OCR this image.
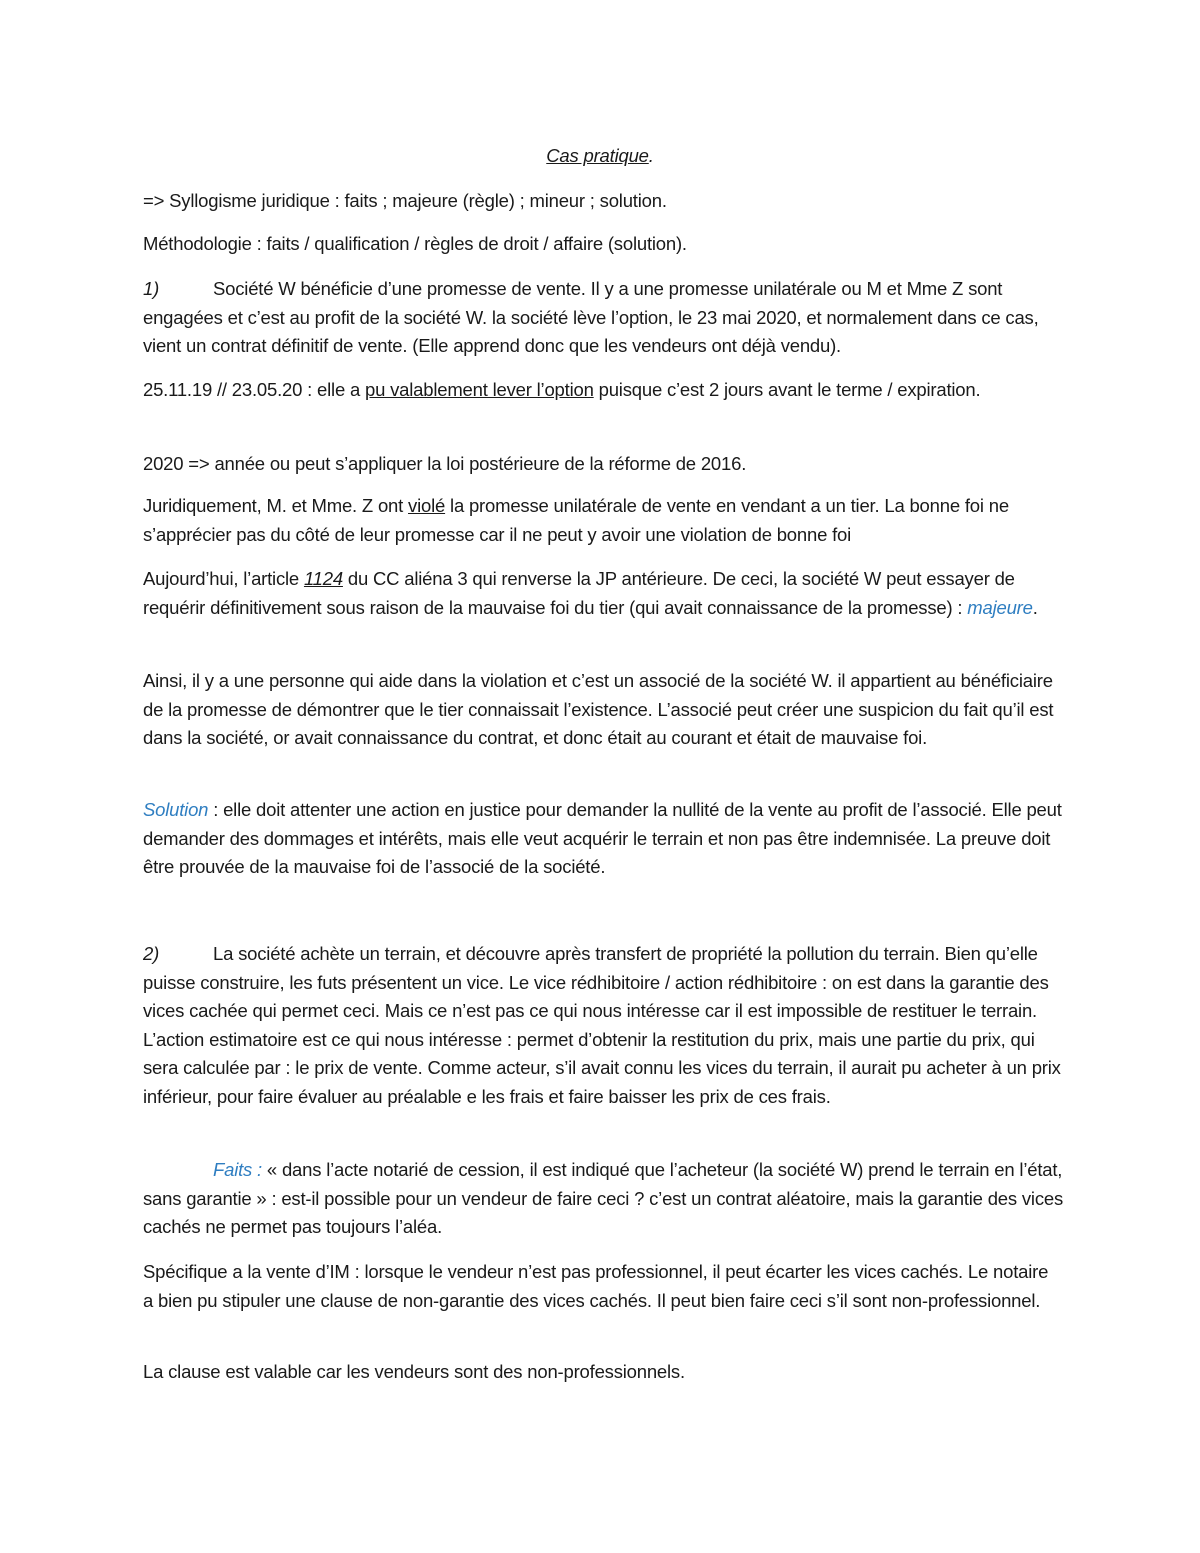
Cas pratique.

=> Syllogisme juridique : faits ; majeure (règle) ; mineur ; solution.

Méthodologie : faits / qualification / règles de droit / affaire (solution).

1)	Société W bénéficie d’une promesse de vente. Il y a une promesse unilatérale ou M et Mme Z sont engagées et c’est au profit de la société W. la société lève l’option, le 23 mai 2020, et normalement dans ce cas, vient un contrat définitif de vente. (Elle apprend donc que les vendeurs ont déjà vendu).

25.11.19 // 23.05.20 : elle a pu valablement lever l’option puisque c’est 2 jours avant le terme / expiration.

2020 => année ou peut s’appliquer la loi postérieure de la réforme de 2016.

Juridiquement, M. et Mme. Z ont violé la promesse unilatérale de vente en vendant a un tier. La bonne foi ne s’apprécier pas du côté de leur promesse car il ne peut y avoir une violation de bonne foi

Aujourd’hui, l’article 1124 du CC aliéna 3 qui renverse la JP antérieure. De ceci, la société W peut essayer de requérir définitivement sous raison de la mauvaise foi du tier (qui avait connaissance de la promesse) : majeure.

Ainsi, il y a une personne qui aide dans la violation et c’est un associé de la société W. il appartient au bénéficiaire de la promesse de démontrer que le tier connaissait l’existence. L’associé peut créer une suspicion du fait qu’il est dans la société, or avait connaissance du contrat, et donc était au courant et était de mauvaise foi.

Solution : elle doit attenter une action en justice pour demander la nullité de la vente au profit de l’associé. Elle peut demander des dommages et intérêts, mais elle veut acquérir le terrain et non pas être indemnisée. La preuve doit être prouvée de la mauvaise foi de l’associé de la société.

2)	La société achète un terrain, et découvre après transfert de propriété la pollution du terrain. Bien qu’elle puisse construire, les futs présentent un vice. Le vice rédhibitoire / action rédhibitoire : on est dans la garantie des vices cachée qui permet ceci. Mais ce n’est pas ce qui nous intéresse car il est impossible de restituer le terrain. L’action estimatoire est ce qui nous intéresse : permet d’obtenir la restitution du prix, mais une partie du prix, qui sera calculée par : le prix de vente. Comme acteur, s’il avait connu les vices du terrain, il aurait pu acheter à un prix inférieur, pour faire évaluer au préalable e les frais et faire baisser les prix de ces frais.

Faits : « dans l’acte notarié de cession, il est indiqué que l’acheteur (la société W) prend le terrain en l’état, sans garantie » : est-il possible pour un vendeur de faire ceci ? c’est un contrat aléatoire, mais la garantie des vices cachés ne permet pas toujours l’aléa.

Spécifique a la vente d’IM : lorsque le vendeur n’est pas professionnel, il peut écarter les vices cachés. Le notaire a bien pu stipuler une clause de non-garantie des vices cachés. Il peut bien faire ceci s’il sont non-professionnel.

La clause est valable car les vendeurs sont des non-professionnels.
